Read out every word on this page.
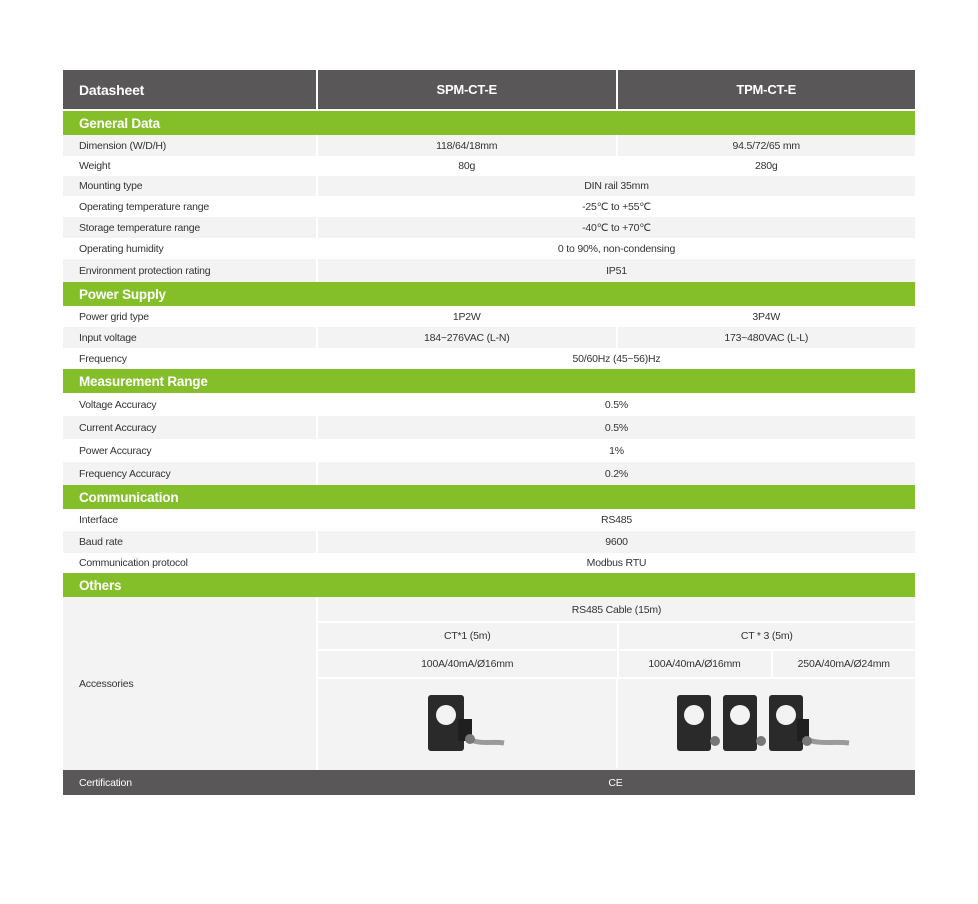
Datasheet	SPM-CT-E	TPM-CT-E
General Data
Dimension (W/D/H)	118/64/18mm	94.5/72/65 mm
Weight	80g	280g
Mounting type	DIN rail 35mm
Operating temperature range	-25℃ to +55℃
Storage temperature range	-40℃ to +70℃
Operating humidity	0 to 90%, non-condensing
Environment protection rating	IP51
Power Supply
Power grid type	1P2W	3P4W
Input voltage	184~276VAC (L-N)	173~480VAC (L-L)
Frequency	50/60Hz (45~56)Hz
Measurement Range
Voltage Accuracy	0.5%
Current Accuracy	0.5%
Power Accuracy	1%
Frequency Accuracy	0.2%
Communication
Interface	RS485
Baud rate	9600
Communication protocol	Modbus RTU
Others
Accessories
RS485 Cable (15m)
CT*1 (5m)	CT * 3 (5m)
100A/40mA/Ø16mm	100A/40mA/Ø16mm	250A/40mA/Ø24mm
Certification	CE
